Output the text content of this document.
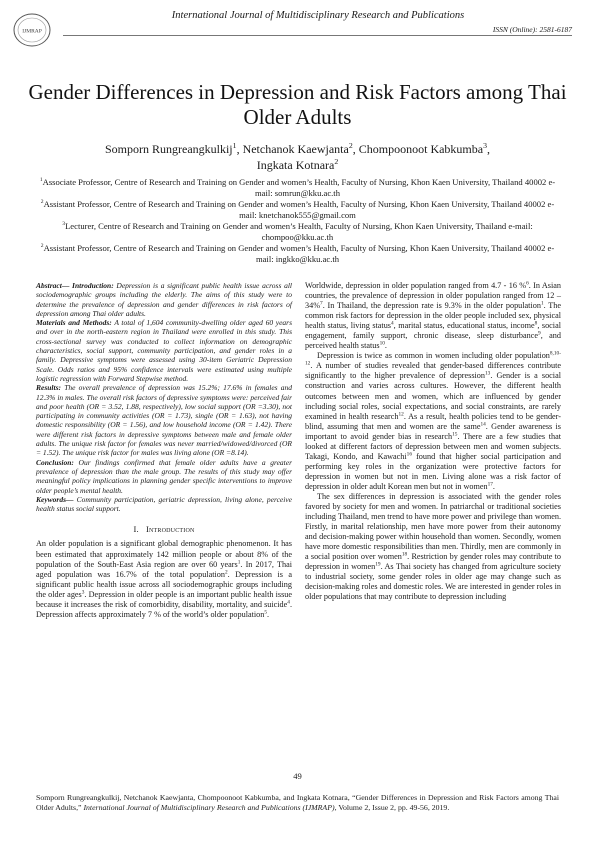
IJMRAP
International Journal of Multidisciplinary Research and Publications
ISSN (Online): 2581-6187
Gender Differences in Depression and Risk Factors among Thai Older Adults
Somporn Rungreangkulkij$^1$, Netchanok Kaewjanta$^2$, Chompoonoot Kabkumba$^3$,
Ingkata Kotnara$^2$
$^1$Associate Professor, Centre of Research and Training on Gender and women’s Health, Faculty of Nursing, Khon Kaen University, Thailand 40002 e-mail: somrun@kku.ac.th
$^2$Assistant Professor, Centre of Research and Training on Gender and women’s Health, Faculty of Nursing, Khon Kaen University, Thailand 40002 e-mail: knetchanok555@gmail.com
$^3$Lecturer, Centre of Research and Training on Gender and women’s Health, Faculty of Nursing, Khon Kaen University, Thailand e-mail: chompoo@kku.ac.th
$^2$Assistant Professor, Centre of Research and Training on Gender and women’s Health, Faculty of Nursing, Khon Kaen University, Thailand 40002 e-mail: ingkko@kku.ac.th

Abstract— Introduction: Depression is a significant public health issue across all sociodemographic groups including the elderly. The aims of this study were to determine the prevalence of depression and gender differences in risk factors of depression among Thai older adults.

Materials and Methods: A total of 1,604 community-dwelling older aged 60 years and over in the north-eastern region in Thailand were enrolled in this study. This cross-sectional survey was conducted to collect information on demographic characteristics, social support, community participation, and gender roles in a family. Depressive symptoms were assessed using 30-item Geriatric Depression Scale. Odds ratios and 95% confidence intervals were estimated using multiple logistic regression with Forward Stepwise method.

Results: The overall prevalence of depression was 15.2%; 17.6% in females and 12.3% in males. The overall risk factors of depressive symptoms were: perceived fair and poor health (OR = 3.52, 1.88, respectively), low social support (OR =3.30), not participating in community activities (OR = 1.73), single (OR = 1.63), not having domestic responsibility (OR = 1.56), and low household income (OR = 1.42). There were different risk factors in depressive symptoms between male and female older adults. The unique risk factor for females was never married/widowed/divorced (OR = 1.52). The unique risk factor for males was living alone (OR =8.14).

Conclusion: Our findings confirmed that female older adults have a greater prevalence of depression than the male group. The results of this study may offer meaningful policy implications in planning gender specific interventions to improve older people’s mental health.

Keywords— Community participation, geriatric depression, living alone, perceive health status social support.

I. Introduction

An older population is a significant global demographic phenomenon. It has been estimated that approximately 142 million people or about 8% of the population of the South-East Asia region are over 60 years$^1$. In 2017, Thai aged population was 16.7% of the total population$^2$. Depression is a significant public health issue across all sociodemographic groups including the older ages$^3$. Depression in older people is an important public health issue because it increases the risk of comorbidity, disability, mortality, and suicide$^4$. Depression affects approximately 7 % of the world’s older population$^5$.

Worldwide, depression in older population ranged from 4.7 - 16 %$^6$. In Asian countries, the prevalence of depression in older population ranged from 12 – 34%$^7$. In Thailand, the depression rate is 9.3% in the older population$^1$. The common risk factors for depression in the older people included sex, physical health status, living status$^4$, marital status, educational status, income$^8$, social engagement, family support, chronic disease, sleep disturbance$^9$, and perceived health status$^{10}$.

Depression is twice as common in women including older population$^{8,10-12}$. A number of studies revealed that gender-based differences contribute significantly to the higher prevalence of depression$^{13}$. Gender is a social construction and varies across cultures. However, the different health outcomes between men and women, which are influenced by gender including social roles, social expectations, and social constraints, are rarely examined in health research$^{12}$. As a result, health policies tend to be gender-blind, assuming that men and women are the same$^{14}$. Gender awareness is important to avoid gender bias in research$^{15}$. There are a few studies that looked at different factors of depression between men and women subjects. Takagi, Kondo, and Kawachi$^{16}$ found that higher social participation and performing key roles in the organization were protective factors for depression in women but not in men. Living alone was a risk factor of depression in older adult Korean men but not in women$^{17}$.

The sex differences in depression is associated with the gender roles favored by society for men and women. In patriarchal or traditional societies including Thailand, men trend to have more power and privilege than women. Firstly, in marital relationship, men have more power from their autonomy and decision-making power within household than women. Secondly, women have more domestic responsibilities than men. Thirdly, men are commonly in a social position over women$^{18}$. Restriction by gender roles may contribute to depression in women$^{19}$. As Thai society has changed from agriculture society to industrial society, some gender roles in older age may change such as decision-making roles and domestic roles. We are interested in gender roles in older populations that may contribute to depression including

49
Somporn Rungreangkulkij, Netchanok Kaewjanta, Chompoonoot Kabkumba, and Ingkata Kotnara, “Gender Differences in Depression and Risk Factors among Thai Older Adults,” International Journal of Multidisciplinary Research and Publications (IJMRAP), Volume 2, Issue 2, pp. 49-56, 2019.
